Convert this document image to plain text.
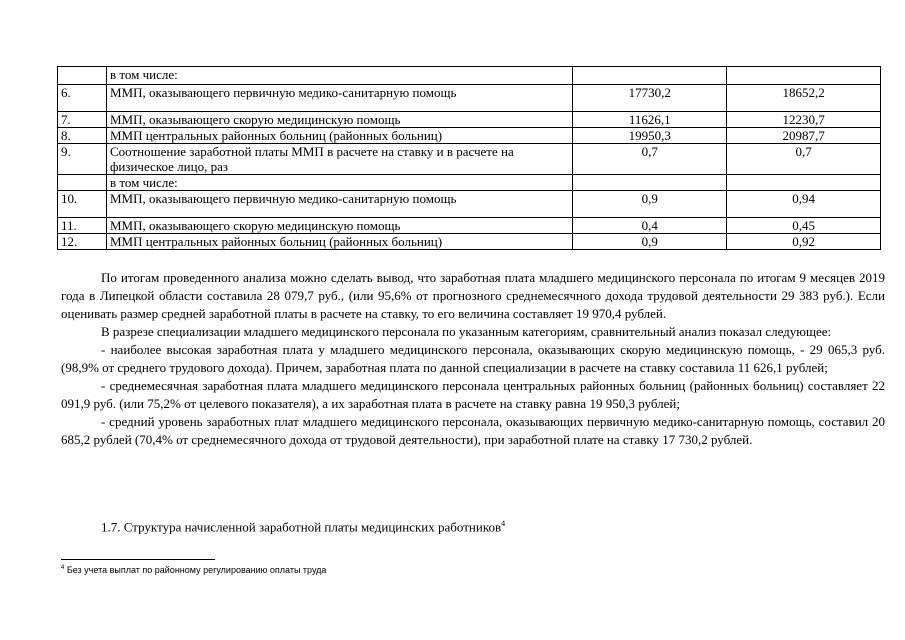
	в том числе:		
6.	ММП, оказывающего первичную медико-санитарную помощь	17730,2	18652,2
7.	ММП, оказывающего скорую медицинскую помощь	11626,1	12230,7
8.	ММП центральных районных больниц (районных больниц)	19950,3	20987,7
9.	Соотношение заработной платы ММП в расчете на ставку и в расчете на физическое лицо, раз	0,7	0,7
	в том числе:		
10.	ММП, оказывающего первичную медико-санитарную помощь	0,9	0,94
11.	ММП, оказывающего скорую медицинскую помощь	0,4	0,45
12.	ММП центральных районных больниц (районных больниц)	0,9	0,92

По итогам проведенного анализа можно сделать вывод, что заработная плата младшего медицинского персонала по итогам 9 месяцев 2019 года в Липецкой области составила 28 079,7 руб., (или 95,6% от прогнозного среднемесячного дохода трудовой деятельности 29 383 руб.). Если оценивать размер средней заработной платы в расчете на ставку, то его величина составляет 19 970,4 рублей.

В разрезе специализации младшего медицинского персонала по указанным категориям, сравнительный анализ показал следующее:

- наиболее высокая заработная плата у младшего медицинского персонала, оказывающих скорую медицинскую помощь, - 29 065,3 руб. (98,9% от среднего трудового дохода). Причем, заработная плата по данной специализации в расчете на ставку составила 11 626,1 рублей;

- среднемесячная заработная плата младшего медицинского персонала центральных районных больниц (районных больниц) составляет 22 091,9 руб. (или 75,2% от целевого показателя), а их заработная плата в расчете на ставку равна 19 950,3 рублей;

- средний уровень заработных плат младшего медицинского персонала, оказывающих первичную медико-санитарную помощь, составил 20 685,2 рублей (70,4% от среднемесячного дохода от трудовой деятельности), при заработной плате на ставку 17 730,2 рублей.

1.7. Структура начисленной заработной платы медицинских работников$^4$
$^4$ Без учета выплат по районному регулированию оплаты труда
